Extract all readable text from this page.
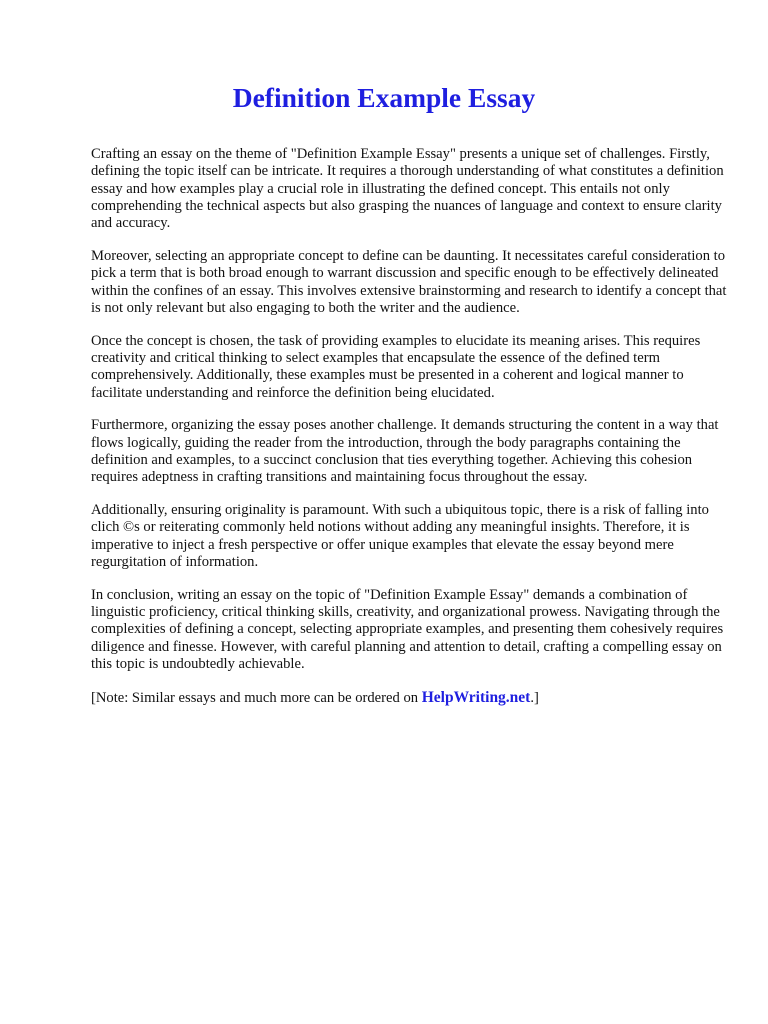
Definition Example Essay

Crafting an essay on the theme of "Definition Example Essay" presents a unique set of challenges. Firstly, defining the topic itself can be intricate. It requires a thorough understanding of what constitutes a definition essay and how examples play a crucial role in illustrating the defined concept. This entails not only comprehending the technical aspects but also grasping the nuances of language and context to ensure clarity and accuracy.

Moreover, selecting an appropriate concept to define can be daunting. It necessitates careful consideration to pick a term that is both broad enough to warrant discussion and specific enough to be effectively delineated within the confines of an essay. This involves extensive brainstorming and research to identify a concept that is not only relevant but also engaging to both the writer and the audience.

Once the concept is chosen, the task of providing examples to elucidate its meaning arises. This requires creativity and critical thinking to select examples that encapsulate the essence of the defined term comprehensively. Additionally, these examples must be presented in a coherent and logical manner to facilitate understanding and reinforce the definition being elucidated.

Furthermore, organizing the essay poses another challenge. It demands structuring the content in a way that flows logically, guiding the reader from the introduction, through the body paragraphs containing the definition and examples, to a succinct conclusion that ties everything together. Achieving this cohesion requires adeptness in crafting transitions and maintaining focus throughout the essay.

Additionally, ensuring originality is paramount. With such a ubiquitous topic, there is a risk of falling into clich ©s or reiterating commonly held notions without adding any meaningful insights. Therefore, it is imperative to inject a fresh perspective or offer unique examples that elevate the essay beyond mere regurgitation of information.

In conclusion, writing an essay on the topic of "Definition Example Essay" demands a combination of linguistic proficiency, critical thinking skills, creativity, and organizational prowess. Navigating through the complexities of defining a concept, selecting appropriate examples, and presenting them cohesively requires diligence and finesse. However, with careful planning and attention to detail, crafting a compelling essay on this topic is undoubtedly achievable.

[Note: Similar essays and much more can be ordered on HelpWriting.net.]
